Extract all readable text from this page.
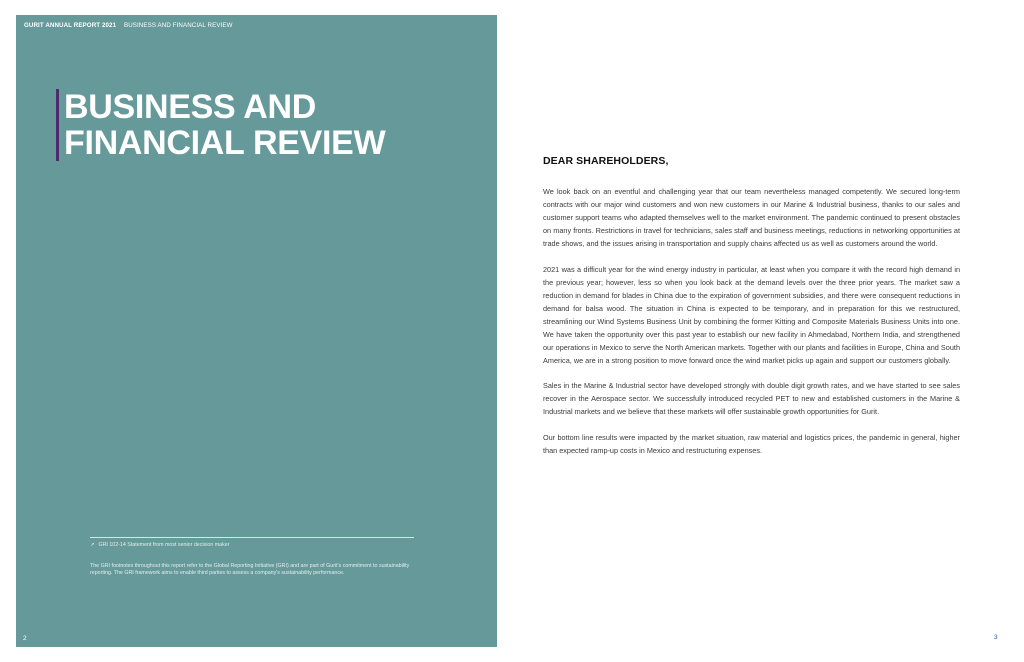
GURIT ANNUAL REPORT 2021 BUSINESS AND FINANCIAL REVIEW
BUSINESS AND
FINANCIAL REVIEW
↗ GRI 102-14 Statement from most senior decision maker
The GRI footnotes throughout this report refer to the Global Reporting Initiative (GRI) and are part of Gurit's commitment to sustainability reporting. The GRI framework aims to enable third parties to assess a company's sustainability performance.
2
DEAR SHAREHOLDERS,

We look back on an eventful and challenging year that our team nevertheless managed competently. We secured long-term contracts with our major wind customers and won new customers in our Marine & Industrial business, thanks to our sales and customer support teams who adapted themselves well to the market environment. The pandemic continued to present obstacles on many fronts. Restrictions in travel for technicians, sales staff and business meetings, reductions in networking opportunities at trade shows, and the issues arising in transportation and supply chains affected us as well as customers around the world.

2021 was a difficult year for the wind energy industry in particular, at least when you compare it with the record high demand in the previous year; however, less so when you look back at the demand levels over the three prior years. The market saw a reduction in demand for blades in China due to the expiration of government subsidies, and there were consequent reductions in demand for balsa wood. The situation in China is expected to be temporary, and in preparation for this we restructured, streamlining our Wind Systems Business Unit by combining the former Kitting and Composite Materials Business Units into one. We have taken the opportunity over this past year to establish our new facility in Ahmedabad, Northern India, and strengthened our operations in Mexico to serve the North American markets. Together with our plants and facilities in Europe, China and South America, we are in a strong position to move forward once the wind market picks up again and support our customers globally.

Sales in the Marine & Industrial sector have developed strongly with double digit growth rates, and we have started to see sales recover in the Aerospace sector. We successfully introduced recycled PET to new and established customers in the Marine & Industrial markets and we believe that these markets will offer sustainable growth opportunities for Gurit.

Our bottom line results were impacted by the market situation, raw material and logistics prices, the pandemic in general, higher than expected ramp-up costs in Mexico and restructuring expenses.

3
